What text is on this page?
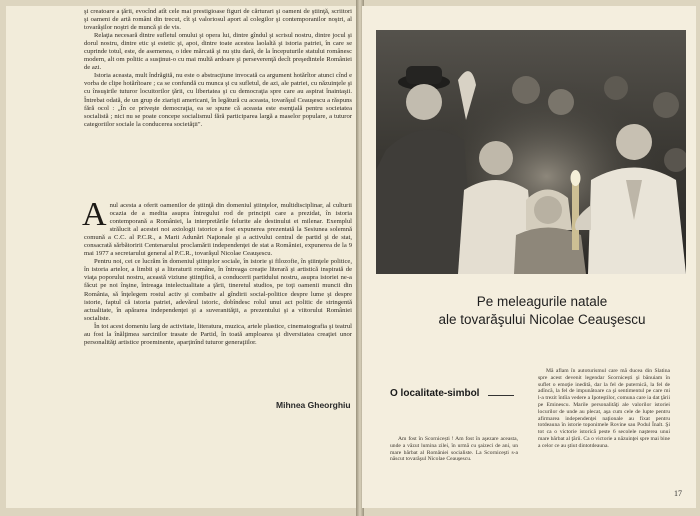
şi creatoare a ţării, evocînd atît cele mai prestigioase figuri de cărturari şi oameni de ştiinţă, scriitori şi oameni de artă români din trecut, cît şi valoriosul aport al colegilor şi contemporanilor noştri, al tovarăşilor noştri de muncă şi de vis.

Relaţia necesară dintre sufletul omului şi opera lui, dintre gîndul şi scrisul nostru, dintre jocul şi dorul nostru, dintre etic şi estetic şi, apoi, dintre toate acestea laolaltă şi istoria patriei, în care se cuprinde totul, este, de asemenea, o idee mărcată şi nu știu dară, de la începuturile statului românesc modern, alt om politic a susţinut-o cu mai multă ardoare şi perseverenţă decît preşedintele României de azi.

Istoria aceasta, mult îndrăgită, nu este o abstracţiune invocată ca argument hotărîtor atunci cînd e vorba de clipe hotărîtoare ; ca se confundă cu munca şi cu sufletul, de azi, ale patriei, cu năzuinţele şi cu însuşirile tuturor locuitorilor ţării, cu libertatea şi cu democraţia spre care au aspirat înaintaşii. Întrebat odată, de un grup de ziarişti americani, în legătură cu aceasta, tovarăşul Ceauşescu a răspuns fără ocol : „În ce priveşte democraţia, ea se spune că aceasta este esenţială pentru societatea socialistă ; nici nu se poate concepe socialismul fără participarea largă a maselor populare, a tuturor categoriilor sociale la conducerea societăţii".

Anul acesta a oferit oamenilor de ştiinţă din domeniul ştiinţelor, multidisciplinar, al culturii ocazia de a medita asupra întregului rod de principii care a prezidat, în istoria contemporană a României, la interpretările felurite ale destinului ei milenar. Exemplul strălucit al acestei noi axiologii istorice a fost expunerea prezentată la Sesiunea solemnă comună a C.C. al P.C.R., a Marii Adunări Naţionale şi a activului central de partid şi de stat, consacrată sărbătoririi Centenarului proclamării independenţei de stat a României, expunerea de la 9 mai 1977 a secretarului general al P.C.R., tovarăşul Nicolae Ceauşescu.

Pentru noi, cei ce lucrăm în domeniul ştiinţelor sociale, în istorie şi filozofie, în ştiinţele politice, în istoria artelor, a limbii şi a literaturii române, în întreaga creaţie literară şi artistică inspirată de viaţa poporului nostru, această viziune ştiinţifică, a conducerii partidului nostru, asupra istoriei ne-a făcut pe noi înşine, întreaga intelectualitate a ţării, tineretul studios, pe toţi oamenii muncii din România, să înţelegem rostul activ şi combativ al gîndirii social-politice despre lume şi despre istorie, faptul că istoria patriei, adevărul istoric, dobîndesc rolul unui act politic de stringentă actualitate, în apărarea independenţei şi a suveranităţii, a prezentului şi a viitorului României socialiste.

În tot acest domeniu larg de activitate, literatura, muzica, artele plastice, cinematografia şi teatrul au fost la înălţimea sarcinilor trasate de Partid, în toată amploarea şi diversitatea creaţiei unor personalităţi artistice proeminente, aparţinînd tuturor generaţiilor.

Mihnea Gheorghiu
Pe meleagurile natale
ale tovarăşului Nicolae Ceauşescu
O localitate-simbol

Am fost în Scornicești ! Am fost în aşezare aceasta, unde a văzut lumina zilei, în urmă cu şaizeci de ani, un mare bărbat al României socialiste. La Scorniceşti s-a născut tovarăşul Nicolae Ceauşescu.

Mă aflam în autoturismul care mă ducea din Slatina spre acest devenit legendar Scornicești şi bănuiam în suflet o emoţie inedită, dar la fel de puternică, la fel de adîncă, la fel de impunătoare ca şi sentimentul pe care mi l-a trezit întîia vedere a Ipoteştilor, comuna care ia dat ţării pe Eminescu. Marile personalităţi ale valorilor istoriei locurilor de unde au plecat, aşa cum cele de lupte pentru afirmarea independenţei naţionale au fixat pentru totdeauna în istorie toponimele Rovine sau Podul Înalt. Şi tot ca o victorie istorică peste 6 secolele naşterea unui mare bărbat al ţării. Ca o victorie a năzuinţei spre mai bine a celor ce au ştiut dintotdeauna.

17
